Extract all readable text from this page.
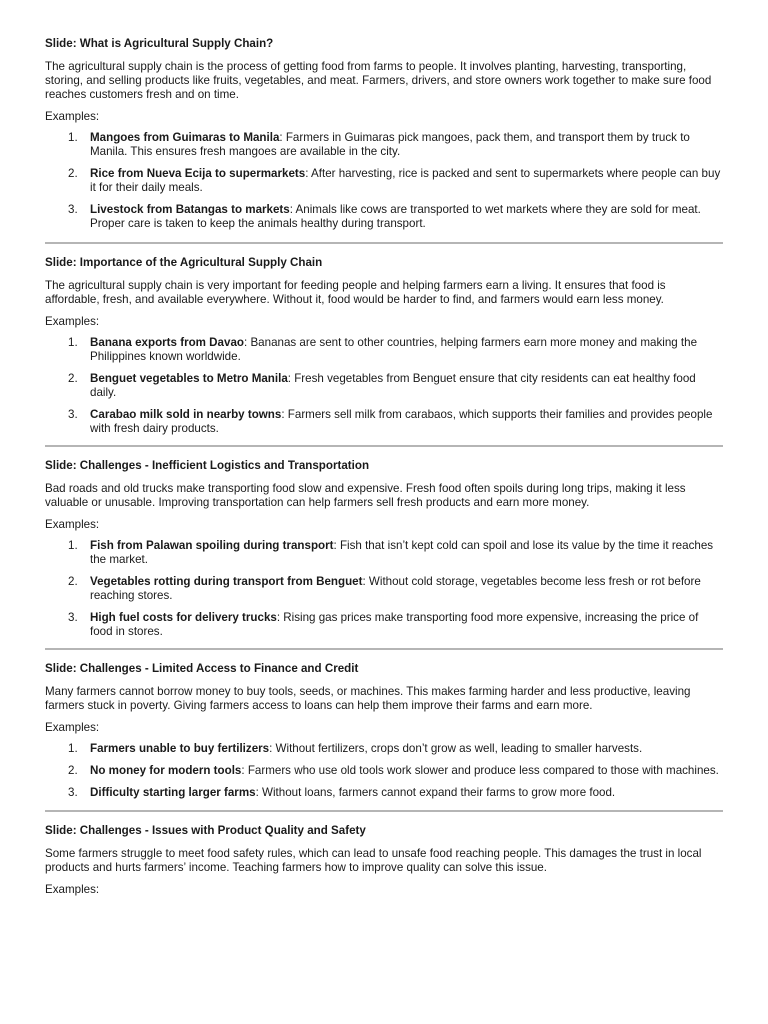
Slide: What is Agricultural Supply Chain?
The agricultural supply chain is the process of getting food from farms to people. It involves planting, harvesting, transporting, storing, and selling products like fruits, vegetables, and meat. Farmers, drivers, and store owners work together to make sure food reaches customers fresh and on time.
Examples:
1. Mangoes from Guimaras to Manila: Farmers in Guimaras pick mangoes, pack them, and transport them by truck to Manila. This ensures fresh mangoes are available in the city.
2. Rice from Nueva Ecija to supermarkets: After harvesting, rice is packed and sent to supermarkets where people can buy it for their daily meals.
3. Livestock from Batangas to markets: Animals like cows are transported to wet markets where they are sold for meat. Proper care is taken to keep the animals healthy during transport.
Slide: Importance of the Agricultural Supply Chain
The agricultural supply chain is very important for feeding people and helping farmers earn a living. It ensures that food is affordable, fresh, and available everywhere. Without it, food would be harder to find, and farmers would earn less money.
Examples:
1. Banana exports from Davao: Bananas are sent to other countries, helping farmers earn more money and making the Philippines known worldwide.
2. Benguet vegetables to Metro Manila: Fresh vegetables from Benguet ensure that city residents can eat healthy food daily.
3. Carabao milk sold in nearby towns: Farmers sell milk from carabaos, which supports their families and provides people with fresh dairy products.
Slide: Challenges - Inefficient Logistics and Transportation
Bad roads and old trucks make transporting food slow and expensive. Fresh food often spoils during long trips, making it less valuable or unusable. Improving transportation can help farmers sell fresh products and earn more money.
Examples:
1. Fish from Palawan spoiling during transport: Fish that isn’t kept cold can spoil and lose its value by the time it reaches the market.
2. Vegetables rotting during transport from Benguet: Without cold storage, vegetables become less fresh or rot before reaching stores.
3. High fuel costs for delivery trucks: Rising gas prices make transporting food more expensive, increasing the price of food in stores.
Slide: Challenges - Limited Access to Finance and Credit
Many farmers cannot borrow money to buy tools, seeds, or machines. This makes farming harder and less productive, leaving farmers stuck in poverty. Giving farmers access to loans can help them improve their farms and earn more.
Examples:
1. Farmers unable to buy fertilizers: Without fertilizers, crops don’t grow as well, leading to smaller harvests.
2. No money for modern tools: Farmers who use old tools work slower and produce less compared to those with machines.
3. Difficulty starting larger farms: Without loans, farmers cannot expand their farms to grow more food.
Slide: Challenges - Issues with Product Quality and Safety
Some farmers struggle to meet food safety rules, which can lead to unsafe food reaching people. This damages the trust in local products and hurts farmers’ income. Teaching farmers how to improve quality can solve this issue.
Examples:
